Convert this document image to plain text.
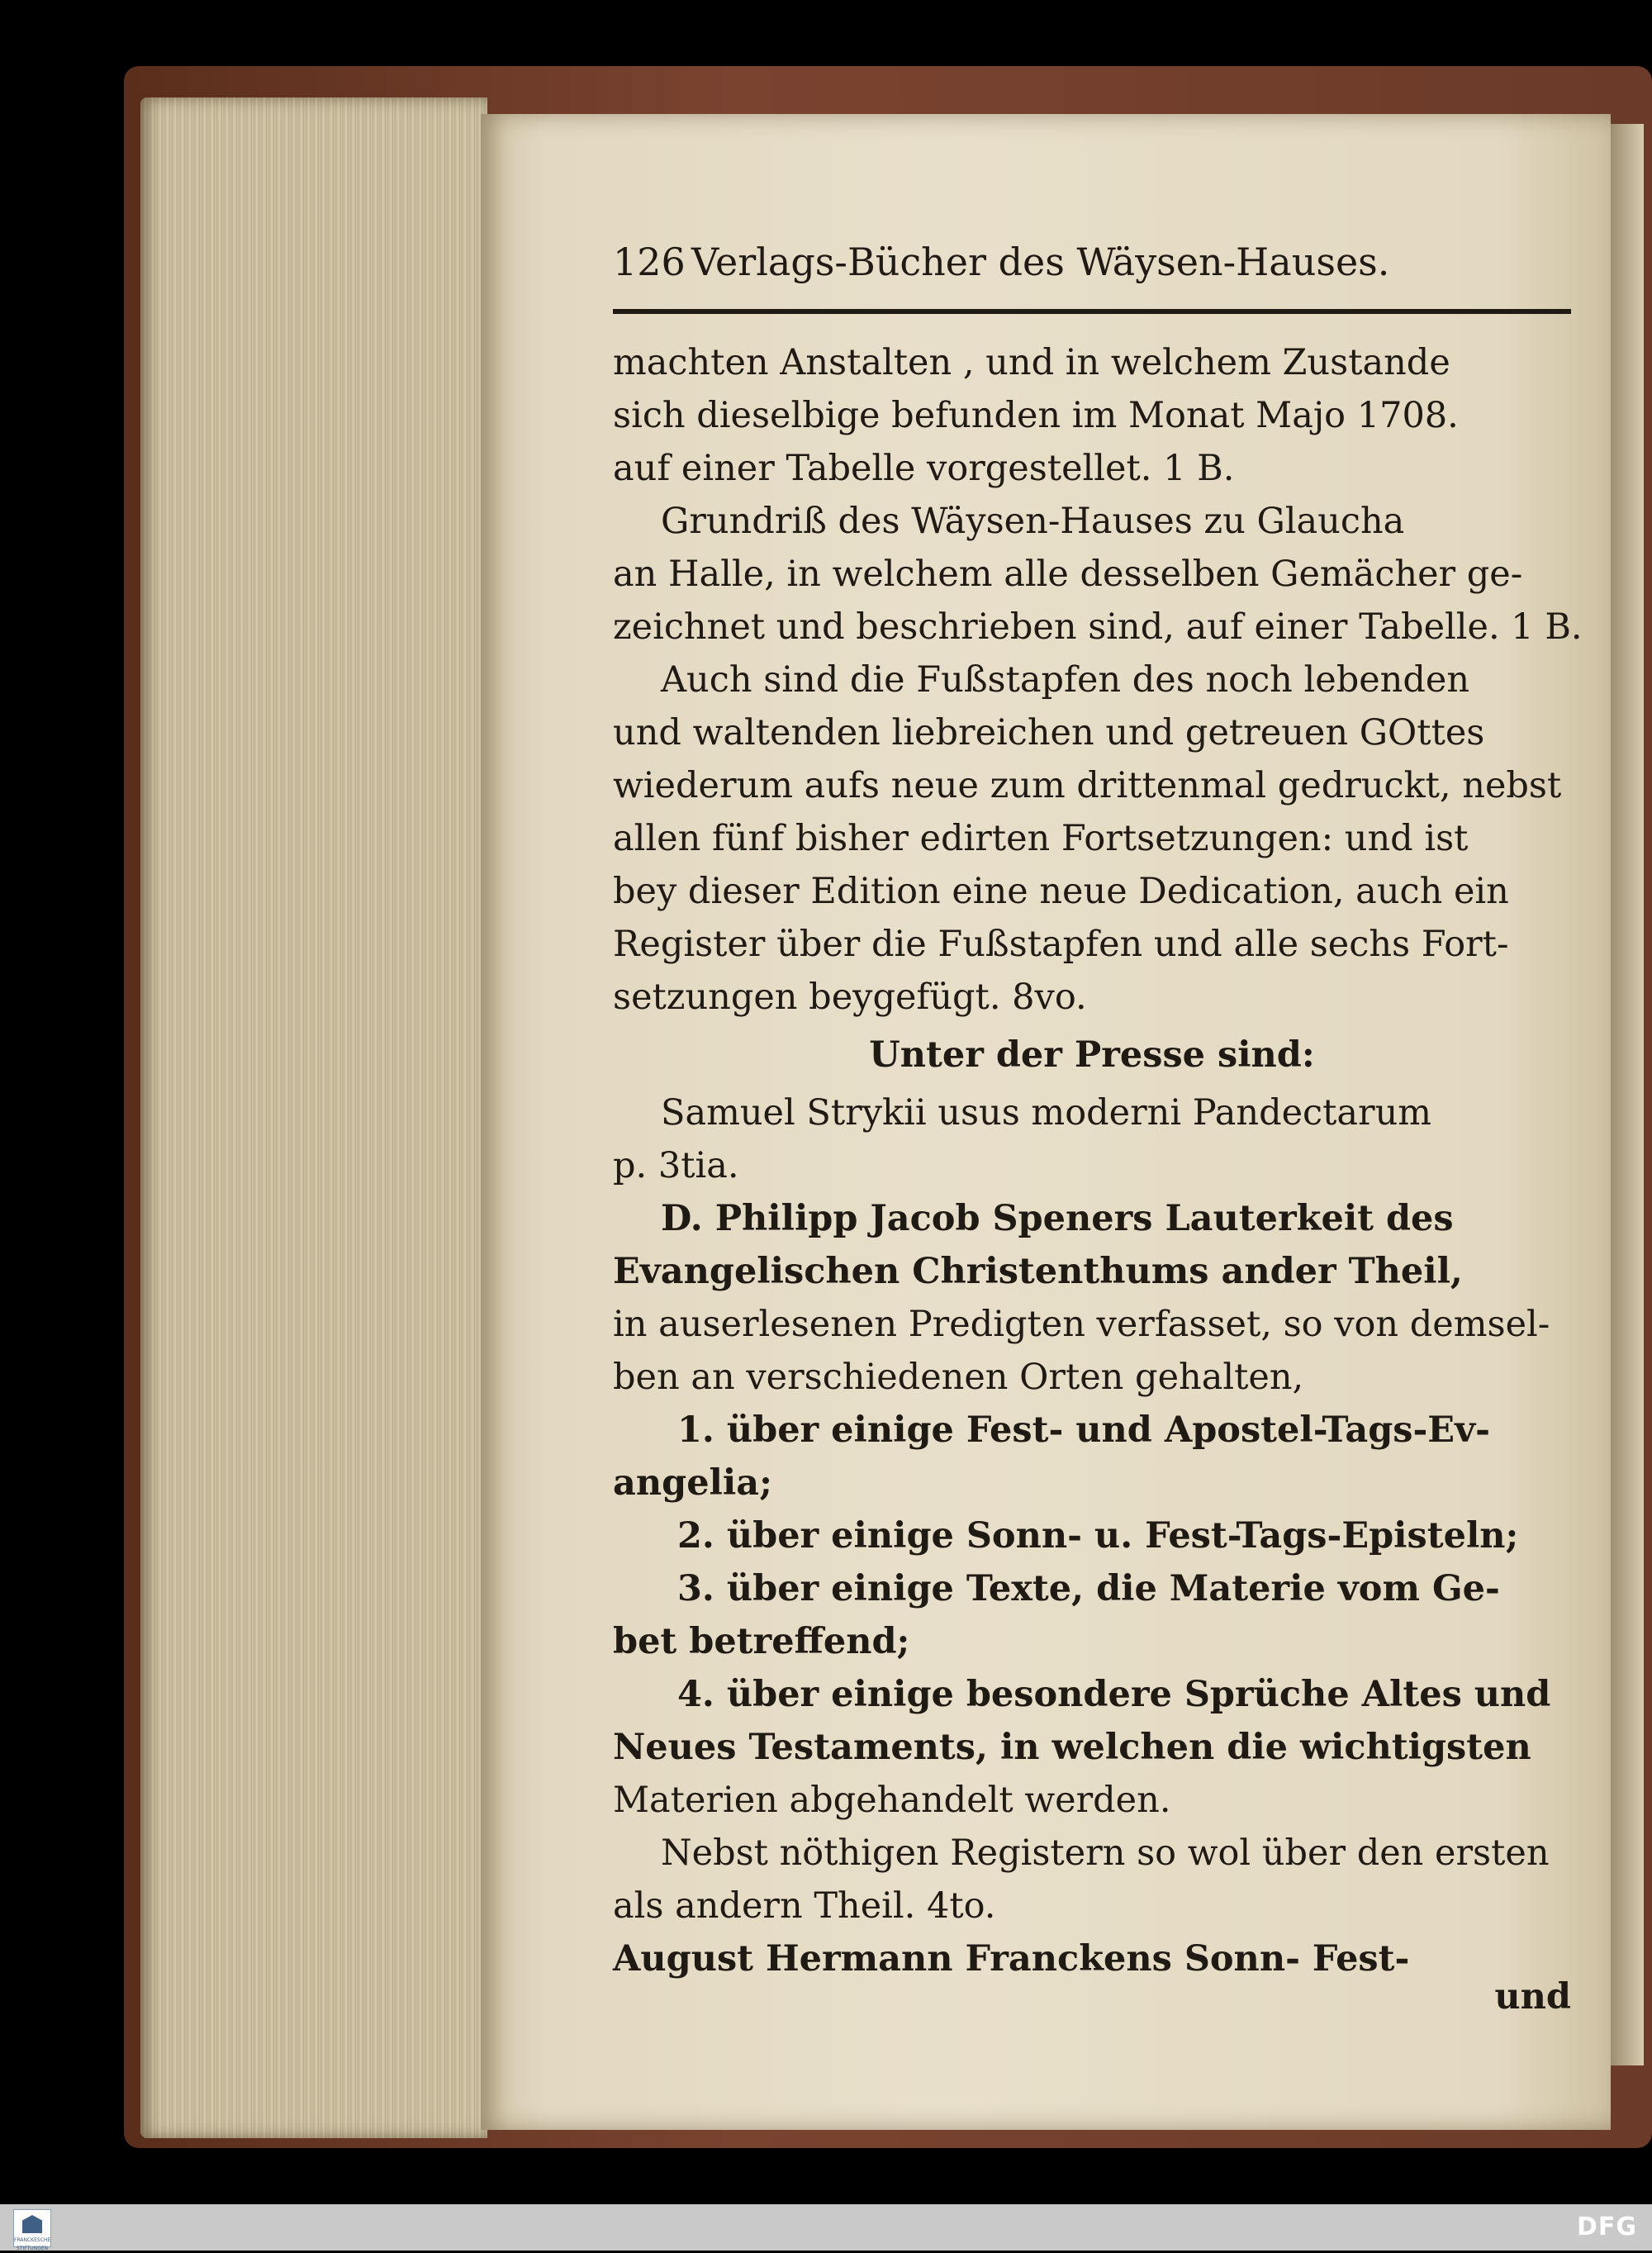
126 Verlags-Bücher des Wäysen-Hauses.
machten Anstalten , und in welchem Zustande
sich dieselbige befunden im Monat Majo 1708.
auf einer Tabelle vorgestellet. 1 B.
Grundriß des Wäysen-Hauses zu Glaucha
an Halle, in welchem alle desselben Gemächer ge-
zeichnet und beschrieben sind, auf einer Tabelle. 1 B.
Auch sind die Fußstapfen des noch lebenden
und waltenden liebreichen und getreuen GOttes
wiederum aufs neue zum drittenmal gedruckt, nebst
allen fünf bisher edirten Fortsetzungen: und ist
bey dieser Edition eine neue Dedication, auch ein
Register über die Fußstapfen und alle sechs Fort-
setzungen beygefügt. 8vo.
Unter der Presse sind:
Samuel Strykii usus moderni Pandectarum
p. 3tia.
D. Philipp Jacob Speners Lauterkeit des
Evangelischen Christenthums ander Theil,
in auserlesenen Predigten verfasset, so von demsel-
ben an verschiedenen Orten gehalten,
1. über einige Fest- und Apostel-Tags-Ev-
angelia;
2. über einige Sonn- u. Fest-Tags-Episteln;
3. über einige Texte, die Materie vom Ge-
bet betreffend;
4. über einige besondere Sprüche Altes und
Neues Testaments, in welchen die wichtigsten
Materien abgehandelt werden.
Nebst nöthigen Registern so wol über den ersten
als andern Theil. 4to.
August Hermann Franckens Sonn- Fest-
und
FRANCKESCHE STIFTUNGEN
DFG
